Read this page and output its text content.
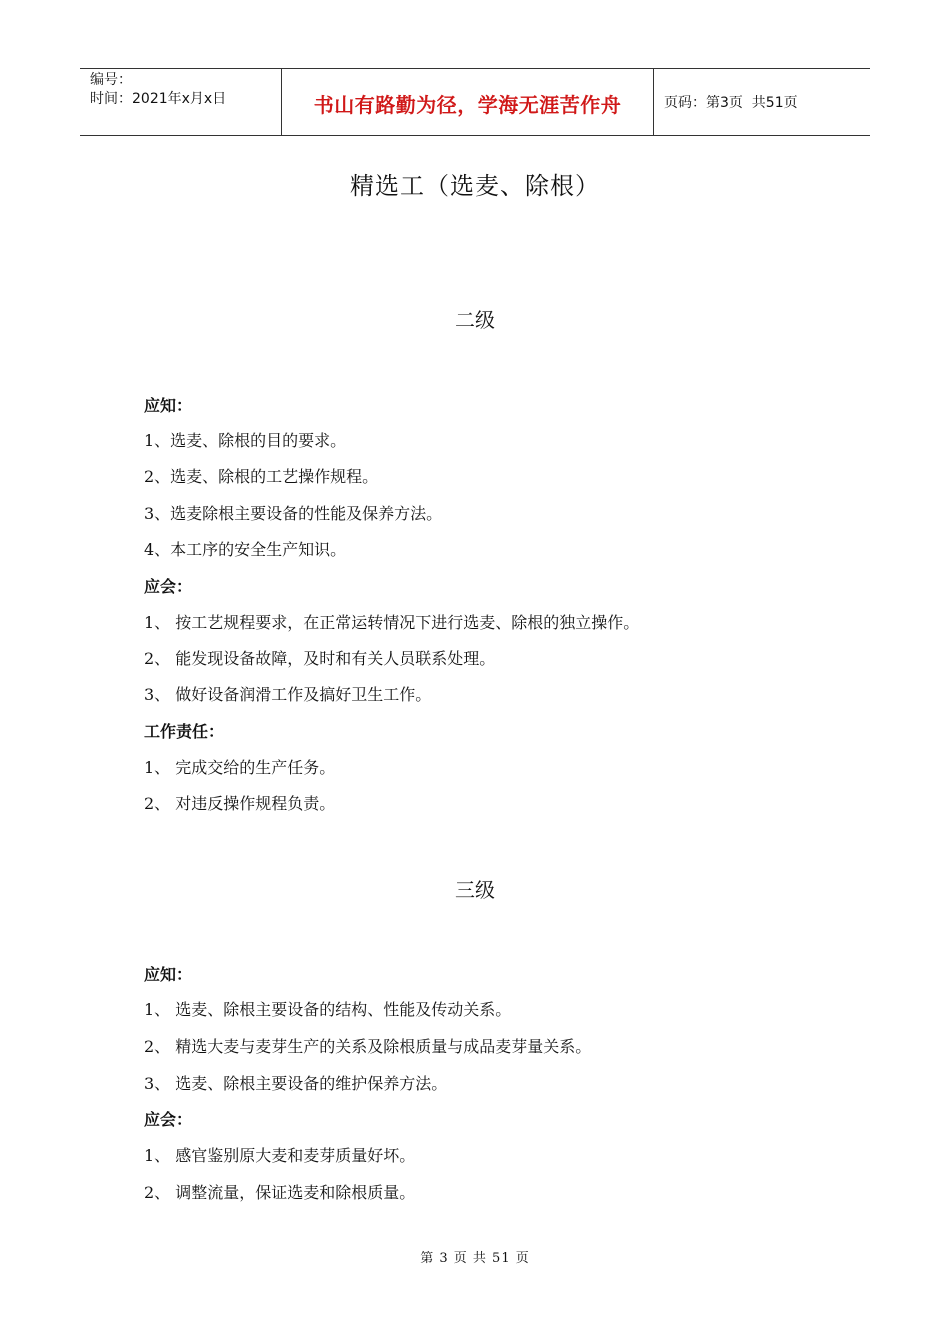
编号：
时间：2021年x月x日	书山有路勤为径，学海无涯苦作舟	页码：第3页  共51页
精选工（选麦、除根）
二级
应知：
1、选麦、除根的目的要求。
2、选麦、除根的工艺操作规程。
3、选麦除根主要设备的性能及保养方法。
4、本工序的安全生产知识。
应会：
1、 按工艺规程要求，在正常运转情况下进行选麦、除根的独立操作。
2、 能发现设备故障，及时和有关人员联系处理。
3、 做好设备润滑工作及搞好卫生工作。
工作责任：
1、 完成交给的生产任务。
2、 对违反操作规程负责。
三级
应知：
1、 选麦、除根主要设备的结构、性能及传动关系。
2、 精选大麦与麦芽生产的关系及除根质量与成品麦芽量关系。
3、 选麦、除根主要设备的维护保养方法。
应会：
1、 感官鉴别原大麦和麦芽质量好坏。
2、 调整流量，保证选麦和除根质量。
第 3 页 共 51 页
